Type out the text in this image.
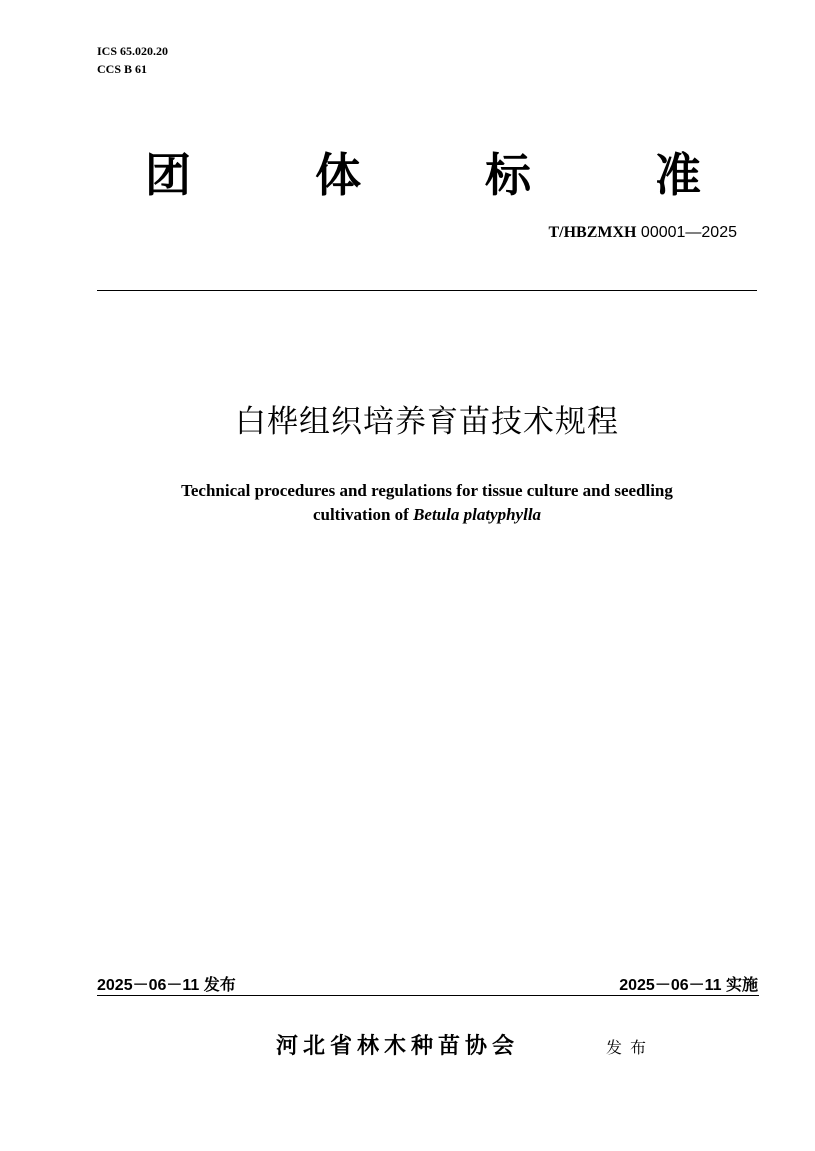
ICS 65.020.20
CCS B 61
团	体	标	准
T/HBZMXH 00001—2025
白桦组织培养育苗技术规程
Technical procedures and regulations for tissue culture and seedling
cultivation of Betula platyphylla
2025－06－11 发布	2025－06－11 实施
河北省林木种苗协会	发布
